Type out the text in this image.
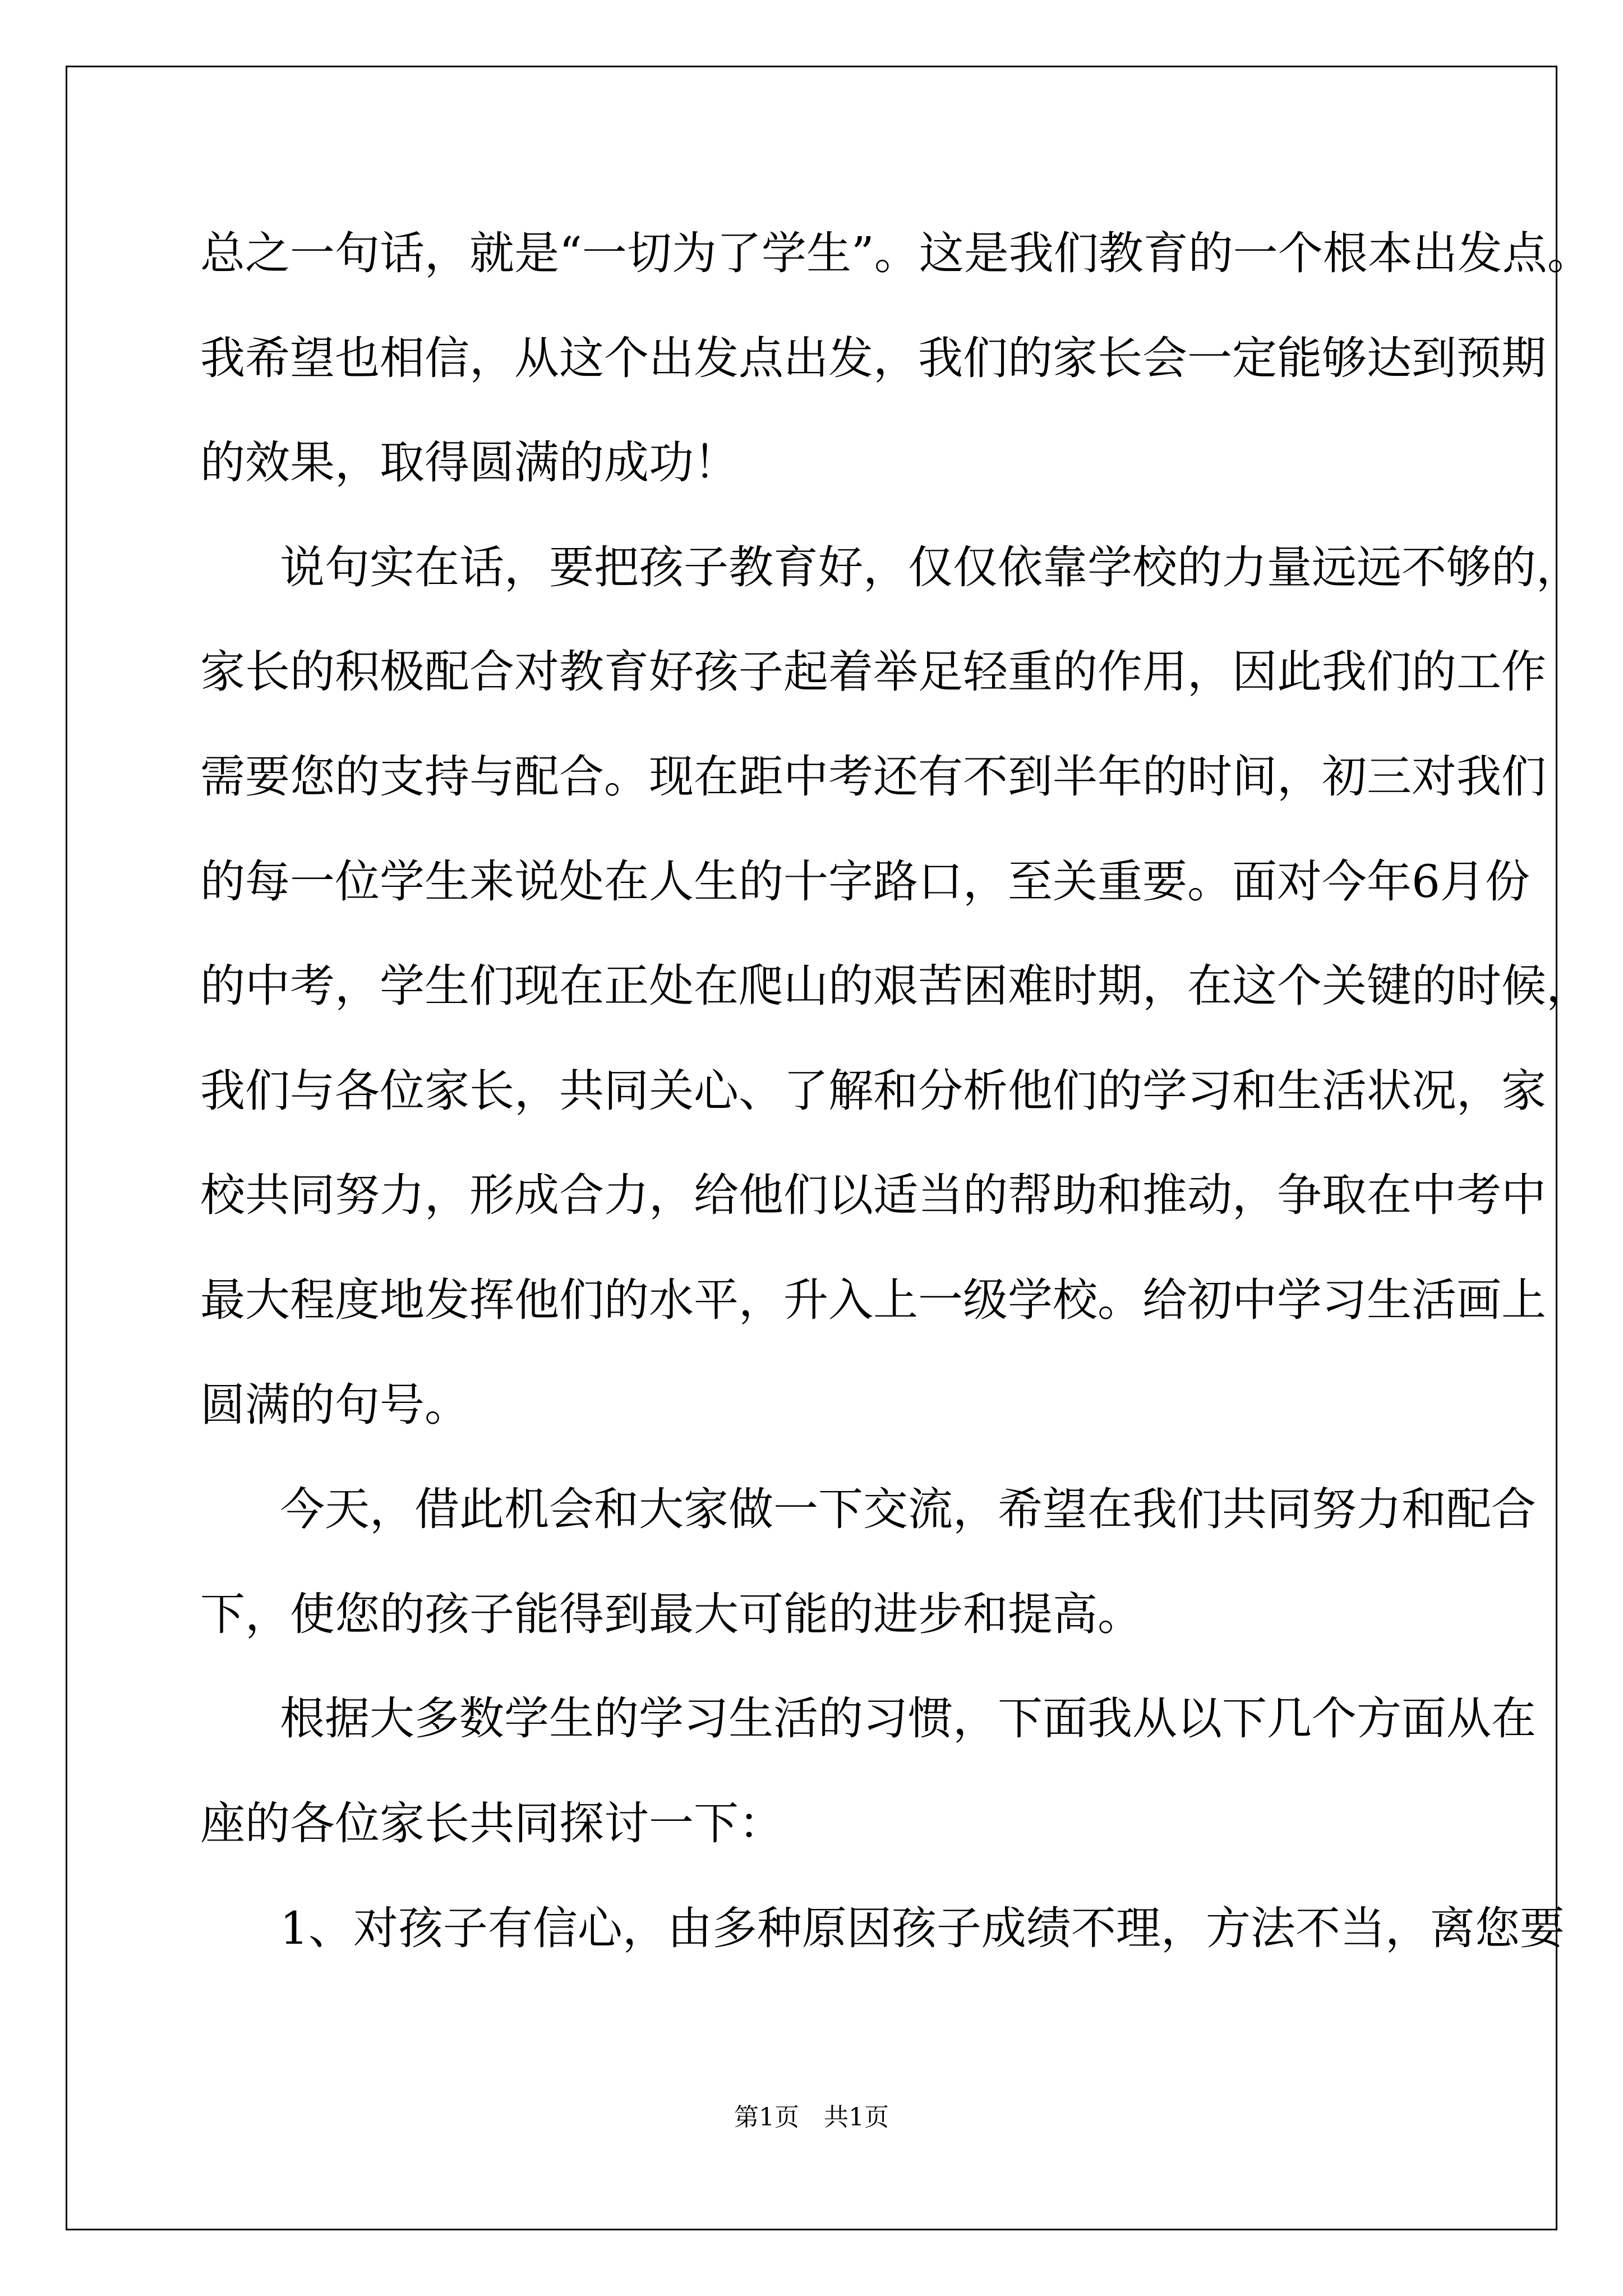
总之一句话，就是“一切为了学生”。这是我们教育的一个根本出发点。
我希望也相信，从这个出发点出发，我们的家长会一定能够达到预期
的效果，取得圆满的成功！
说句实在话，要把孩子教育好，仅仅依靠学校的力量远远不够的，
家长的积极配合对教育好孩子起着举足轻重的作用，因此我们的工作
需要您的支持与配合。现在距中考还有不到半年的时间，初三对我们
的每一位学生来说处在人生的十字路口，至关重要。面对今年6月份
的中考，学生们现在正处在爬山的艰苦困难时期，在这个关键的时候，
我们与各位家长，共同关心、了解和分析他们的学习和生活状况，家
校共同努力，形成合力，给他们以适当的帮助和推动，争取在中考中
最大程度地发挥他们的水平，升入上一级学校。给初中学习生活画上
圆满的句号。
今天，借此机会和大家做一下交流，希望在我们共同努力和配合
下，使您的孩子能得到最大可能的进步和提高。
根据大多数学生的学习生活的习惯，下面我从以下几个方面从在
座的各位家长共同探讨一下：
1、对孩子有信心，由多种原因孩子成绩不理，方法不当，离您要
第1页　共1页
